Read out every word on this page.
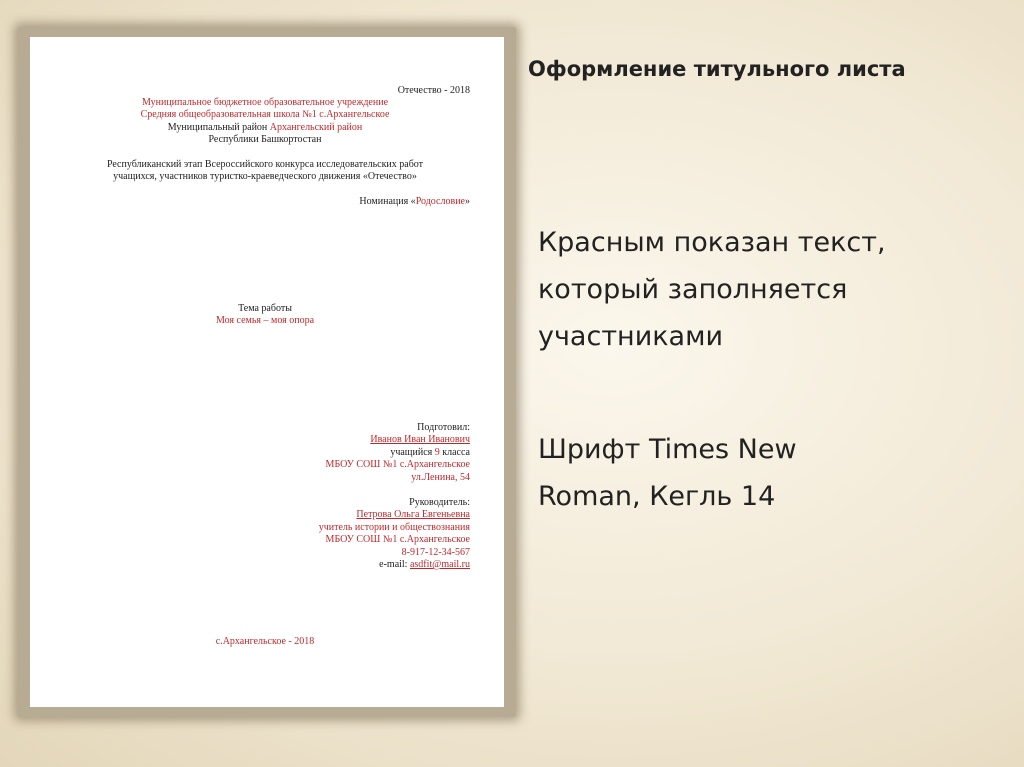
Отечество - 2018
Муниципальное бюджетное образовательное учреждение
Средняя общеобразовательная школа №1 с.Архангельское
Муниципальный район Архангельский район
Республики Башкортостан
Республиканский этап Всероссийского конкурса исследовательских работ
учащихся, участников туристко-краеведческого движения «Отечество»
Номинация «Родословие»
Тема работы
Моя семья – моя опора
Подготовил:
Иванов Иван Иванович
учащийся 9 класса
МБОУ СОШ №1 с.Архангельское
ул.Ленина, 54
Руководитель:
Петрова Ольга Евгеньевна
учитель истории и обществознания
МБОУ СОШ №1 с.Архангельское
8-917-12-34-567
e-mail: asdfit@mail.ru
с.Архангельское - 2018
Оформление титульного листа
Красным показан текст, который заполняется участниками
Шрифт Times New Roman, Кегль 14
